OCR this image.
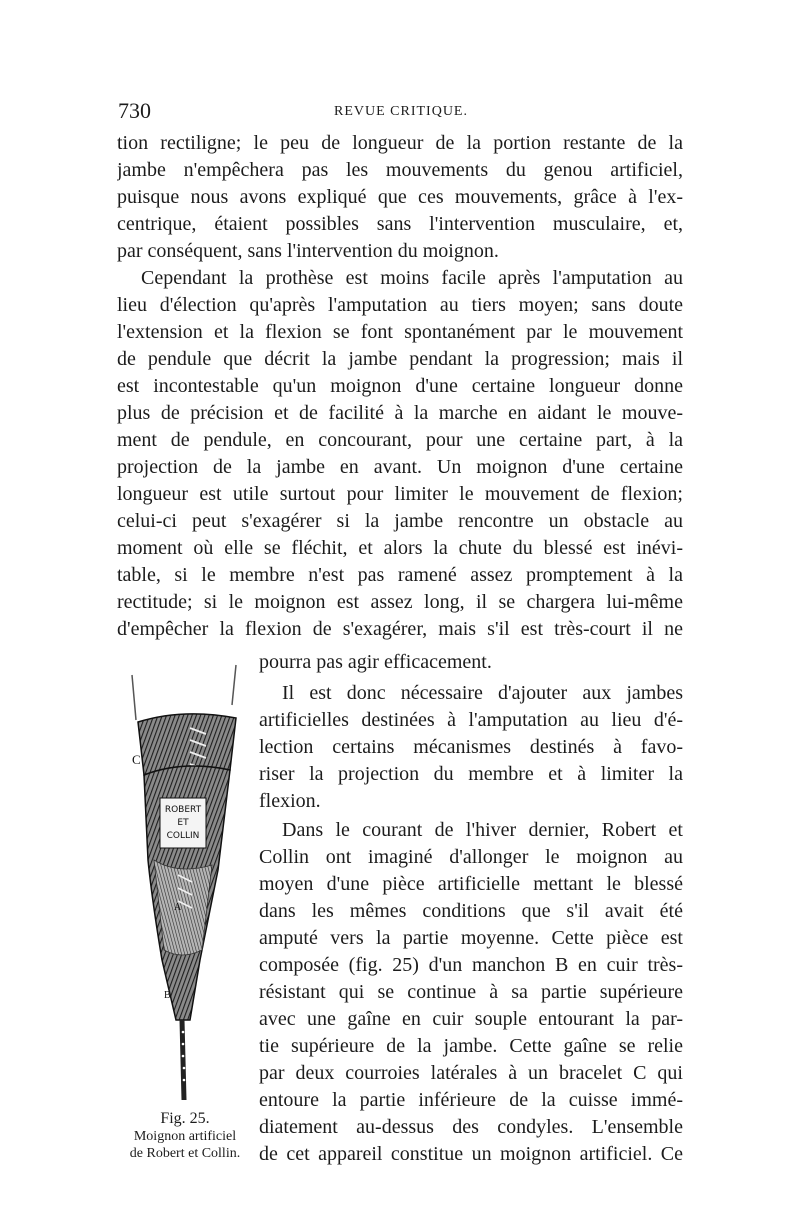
730	REVUE CRITIQUE.
tion rectiligne; le peu de longueur de la portion restante de la
jambe n'empêchera pas les mouvements du genou artificiel,
puisque nous avons expliqué que ces mouvements, grâce à l'ex-
centrique, étaient possibles sans l'intervention musculaire, et,
par conséquent, sans l'intervention du moignon.
Cependant la prothèse est moins facile après l'amputation au
lieu d'élection qu'après l'amputation au tiers moyen; sans doute
l'extension et la flexion se font spontanément par le mouvement
de pendule que décrit la jambe pendant la progression; mais il
est incontestable qu'un moignon d'une certaine longueur donne
plus de précision et de facilité à la marche en aidant le mouve-
ment de pendule, en concourant, pour une certaine part, à la
projection de la jambe en avant. Un moignon d'une certaine
longueur est utile surtout pour limiter le mouvement de flexion;
celui-ci peut s'exagérer si la jambe rencontre un obstacle au
moment où elle se fléchit, et alors la chute du blessé est inévi-
table, si le membre n'est pas ramené assez promptement à la
rectitude; si le moignon est assez long, il se chargera lui-même
d'empêcher la flexion de s'exagérer, mais s'il est très-court il ne
pourra pas agir efficacement.
Il est donc nécessaire d'ajouter aux jambes
artificielles destinées à l'amputation au lieu d'é-
lection certains mécanismes destinés à favo-
riser la projection du membre et à limiter la
flexion.
Dans le courant de l'hiver dernier, Robert et
Collin ont imaginé d'allonger le moignon au
moyen d'une pièce artificielle mettant le blessé
dans les mêmes conditions que s'il avait été
amputé vers la partie moyenne. Cette pièce est
composée (fig. 25) d'un manchon B en cuir très-
résistant qui se continue à sa partie supérieure
avec une gaîne en cuir souple entourant la par-
tie supérieure de la jambe. Cette gaîne se relie
par deux courroies latérales à un bracelet C qui
entoure la partie inférieure de la cuisse immé-
diatement au-dessus des condyles. L'ensemble
de cet appareil constitue un moignon artificiel. Ce
C
A
B
ROBERT
ET
COLLIN
Fig. 25.
Moignon artificiel
de Robert et Collin.
